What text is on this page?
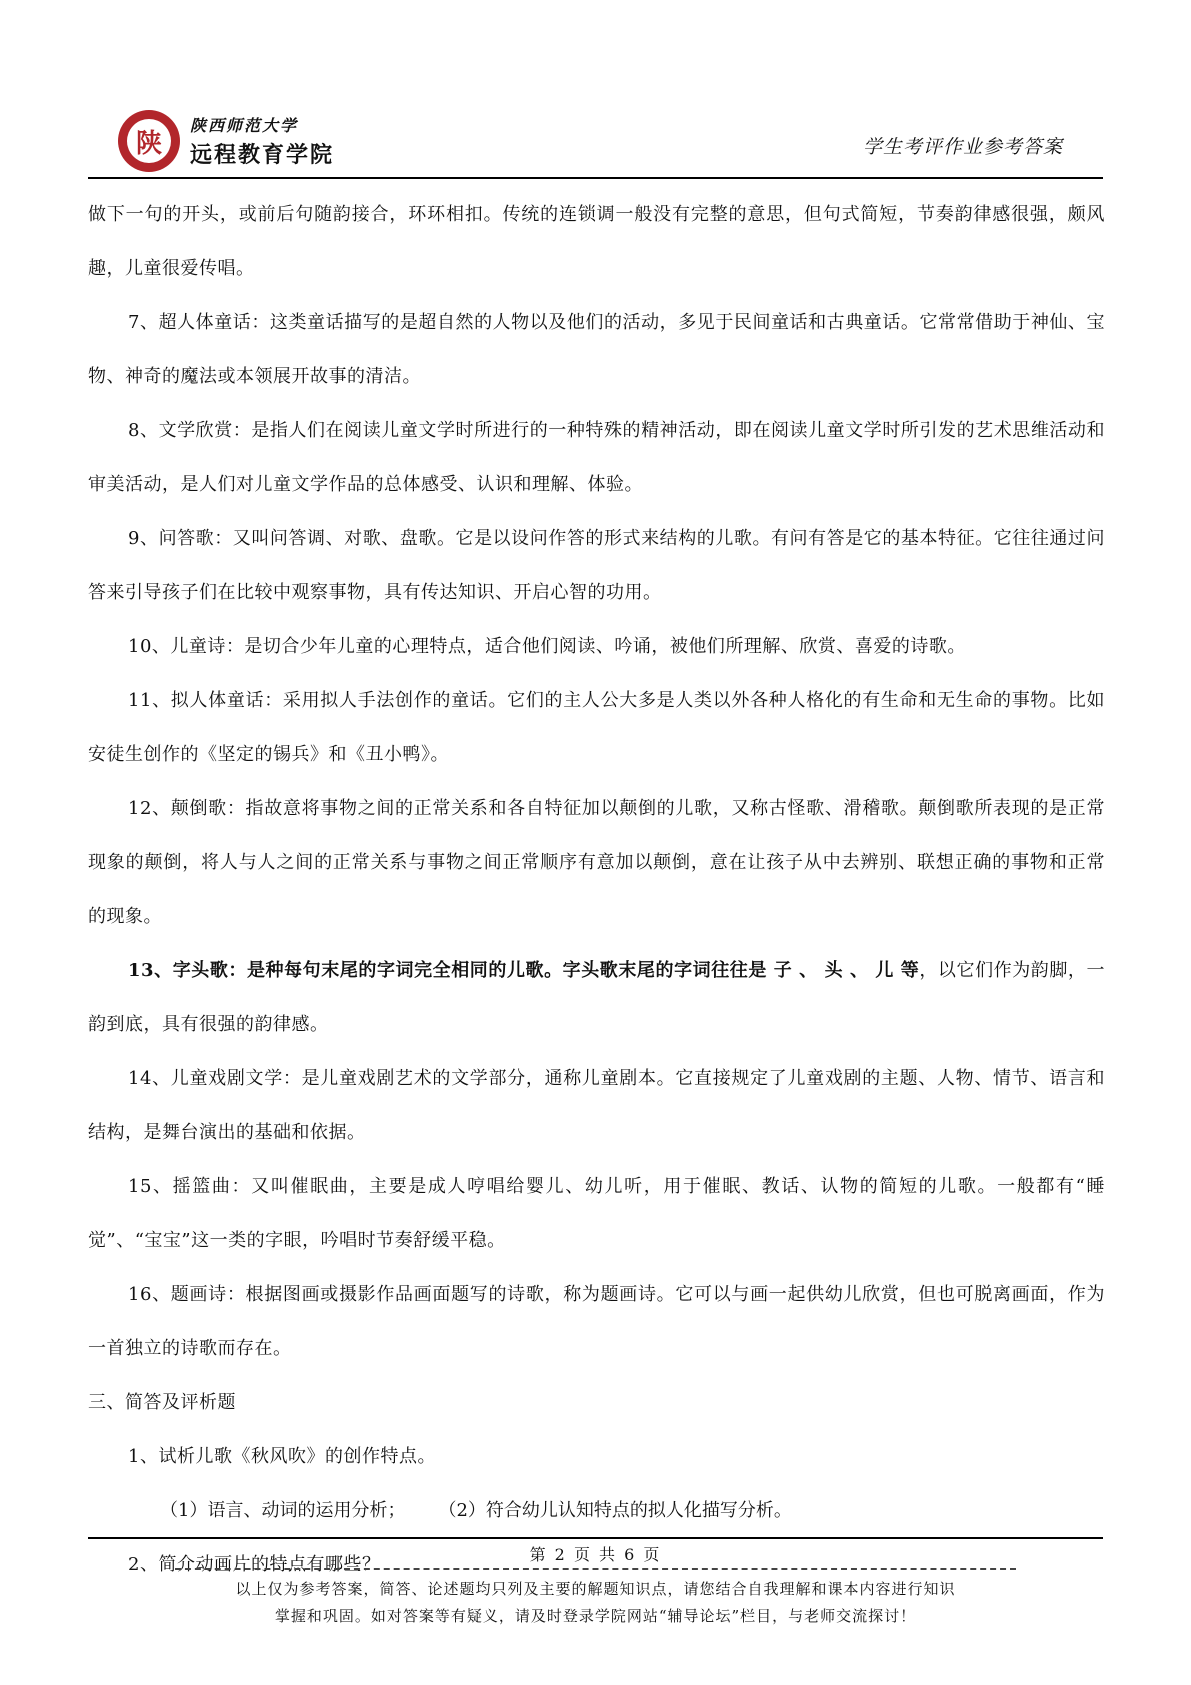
陕
陕西师范大学
远程教育学院	学生考评作业参考答案

做下一句的开头，或前后句随韵接合，环环相扣。传统的连锁调一般没有完整的意思，但句式简短，节奏韵律感很强，颇风趣，儿童很爱传唱。

7、超人体童话：这类童话描写的是超自然的人物以及他们的活动，多见于民间童话和古典童话。它常常借助于神仙、宝物、神奇的魔法或本领展开故事的清洁。

8、文学欣赏：是指人们在阅读儿童文学时所进行的一种特殊的精神活动，即在阅读儿童文学时所引发的艺术思维活动和审美活动，是人们对儿童文学作品的总体感受、认识和理解、体验。

9、问答歌：又叫问答调、对歌、盘歌。它是以设问作答的形式来结构的儿歌。有问有答是它的基本特征。它往往通过问答来引导孩子们在比较中观察事物，具有传达知识、开启心智的功用。

10、儿童诗：是切合少年儿童的心理特点，适合他们阅读、吟诵，被他们所理解、欣赏、喜爱的诗歌。

11、拟人体童话：采用拟人手法创作的童话。它们的主人公大多是人类以外各种人格化的有生命和无生命的事物。比如安徒生创作的《坚定的锡兵》和《丑小鸭》。

12、颠倒歌：指故意将事物之间的正常关系和各自特征加以颠倒的儿歌，又称古怪歌、滑稽歌。颠倒歌所表现的是正常现象的颠倒，将人与人之间的正常关系与事物之间正常顺序有意加以颠倒，意在让孩子从中去辨别、联想正确的事物和正常的现象。

13、字头歌：是种每句末尾的字词完全相同的儿歌。字头歌末尾的字词往往是 子 、 头 、 儿 等，以它们作为韵脚，一韵到底，具有很强的韵律感。

14、儿童戏剧文学：是儿童戏剧艺术的文学部分，通称儿童剧本。它直接规定了儿童戏剧的主题、人物、情节、语言和结构，是舞台演出的基础和依据。

15、摇篮曲：又叫催眠曲，主要是成人哼唱给婴儿、幼儿听，用于催眠、教话、认物的简短的儿歌。一般都有“睡觉”、“宝宝”这一类的字眼，吟唱时节奏舒缓平稳。

16、题画诗：根据图画或摄影作品画面题写的诗歌，称为题画诗。它可以与画一起供幼儿欣赏，但也可脱离画面，作为一首独立的诗歌而存在。

三、简答及评析题

1、试析儿歌《秋风吹》的创作特点。

（1）语言、动词的运用分析； （2）符合幼儿认知特点的拟人化描写分析。

2、简介动画片的特点有哪些？	第 2 页 共 6 页
以上仅为参考答案，简答、论述题均只列及主要的解题知识点，请您结合自我理解和课本内容进行知识
掌握和巩固。如对答案等有疑义，请及时登录学院网站“辅导论坛”栏目，与老师交流探讨！
